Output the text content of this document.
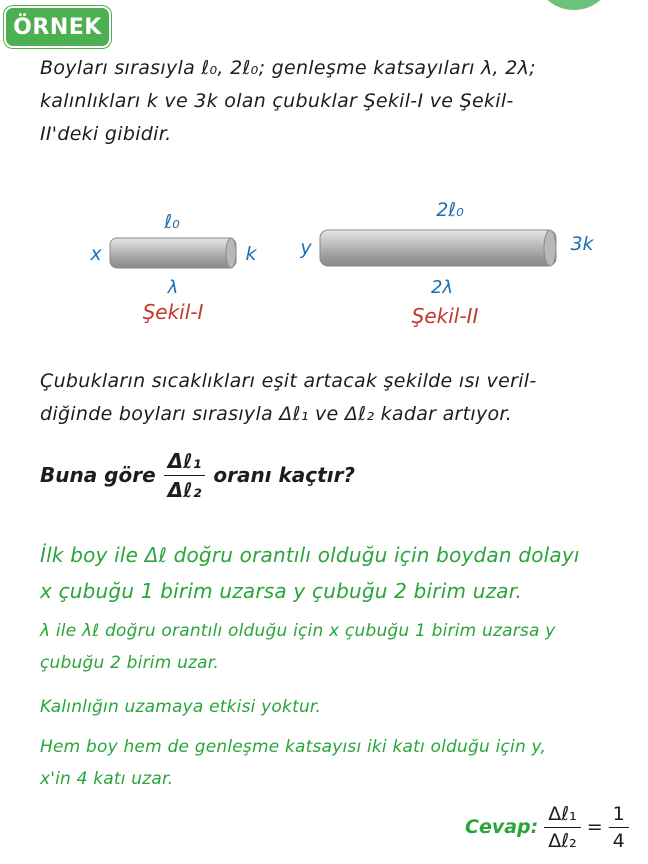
ÖRNEK

Boyları sırasıyla ℓ₀, 2ℓ₀; genleşme katsayıları λ, 2λ;
kalınlıkları k ve 3k olan çubuklar Şekil-I ve Şekil-
II'deki gibidir.

ℓ₀
x	k
λ
Şekil-I
2ℓ₀
y	3k
2λ
Şekil-II

Çubukların sıcaklıkları eşit artacak şekilde ısı veril-
diğinde boyları sırasıyla Δℓ₁ ve Δℓ₂ kadar artıyor.

Buna göre $\frac{\text{Δℓ₁}}{\text{Δℓ₂}}$ oranı kaçtır?

İlk boy ile Δℓ doğru orantılı olduğu için boydan dolayı
x çubuğu 1 birim uzarsa y çubuğu 2 birim uzar.

λ ile λℓ doğru orantılı olduğu için x çubuğu 1 birim uzarsa y
çubuğu 2 birim uzar.

Kalınlığın uzamaya etkisi yoktur.

Hem boy hem de genleşme katsayısı iki katı olduğu için y,
x'in 4 katı uzar.

Cevap: $\frac{\text{Δℓ₁}}{\text{Δℓ₂}} = \frac{1}{4}$
